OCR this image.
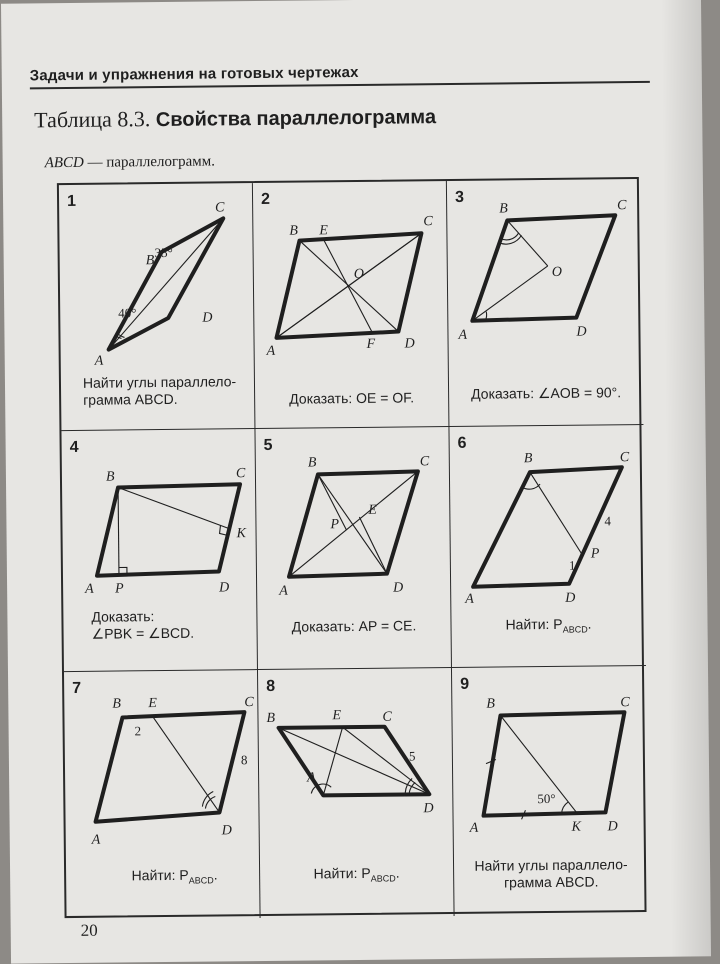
Задачи и упражнения на готовых чертежах
Таблица 8.3. Свойства параллелограмма
ABCD — параллелограмм.
1
35°
40°
A
B
C
D
Найти углы параллело-
грамма ABCD.
2
B E
C
O
A	F D
Доказать: OE = OF.
3
B	C
O
A	D
Доказать: ∠AOB = 90°.
4
B	C
K
A P	D
Доказать:
∠PBK = ∠BCD.
5
B	C
E
P
A	D
Доказать: AP = CE.
6
B	C
4
1
P
A	D
Найти: $P_{ABCD}$.
7
B E	C
2
8
A
D
Найти: $P_{ABCD}$.
8
B	E	C
5
A
D
Найти: $P_{ABCD}$.
9
50°
B	C
A	K D
Найти углы параллело-
грамма ABCD.
20
